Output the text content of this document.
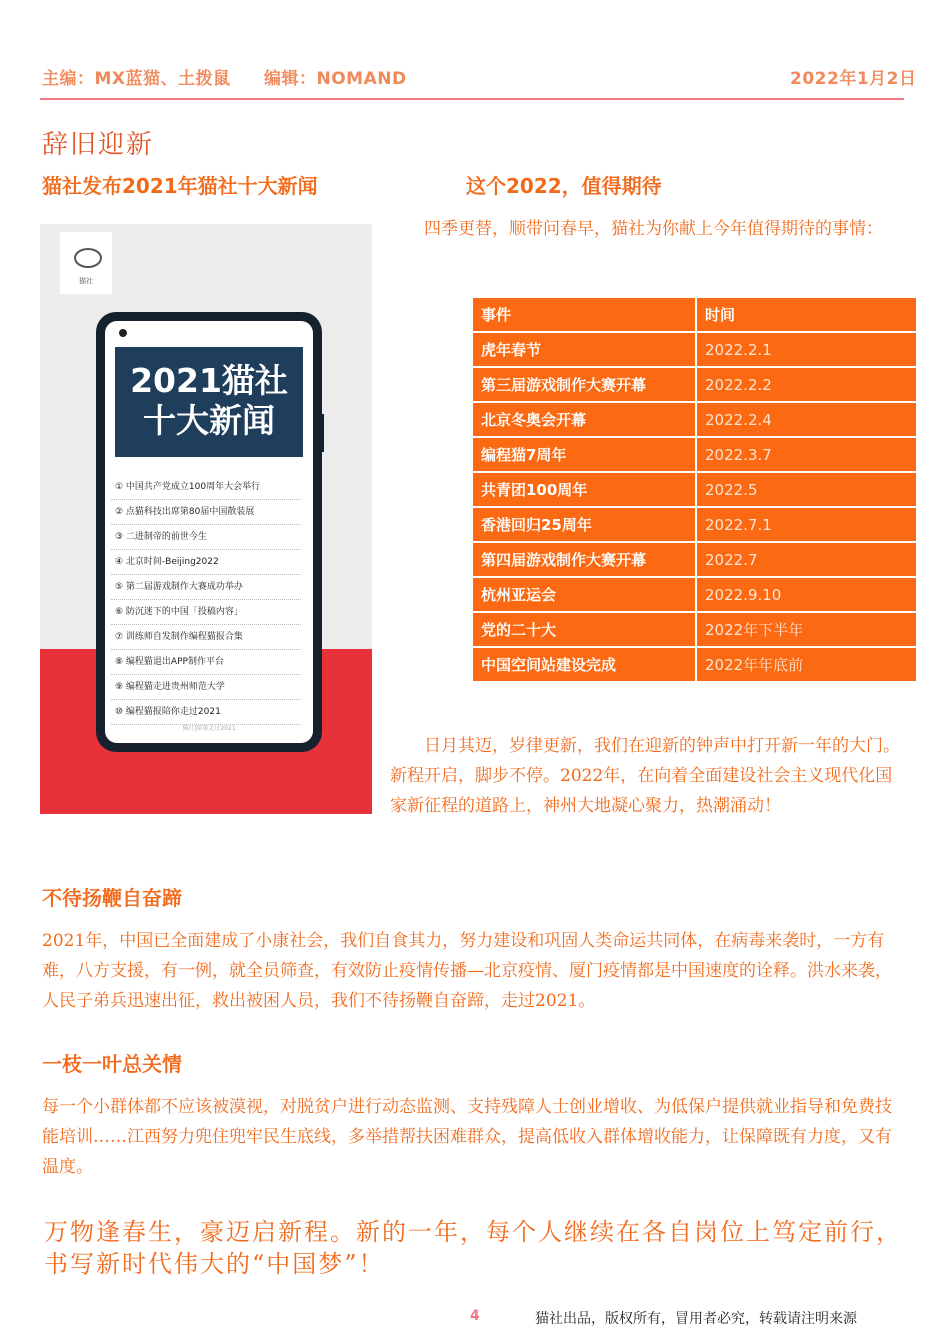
主编：MX蓝猫、土拨鼠 编辑：NOMAND	2022年1月2日
辞旧迎新
猫社发布2021年猫社十大新闻	这个2022，值得期待
猫社
2021猫社
十大新闻
① 中国共产党成立100周年大会举行
② 点猫科技出席第80届中国散装展
③ 二进制帝的前世今生
④ 北京时间-Beijing2022
⑤ 第二届游戏制作大赛成功举办
⑥ 防沉迷下的中国「投稿内容」
⑦ 训练师自发制作编程猫报合集
⑧ 编程猫退出APP制作平台
⑨ 编程猫走进贵州师范大学
⑩ 编程猫报陪你走过2021
猫社|陪着走过2021
四季更替，顺带问春早，猫社为你献上今年值得期待的事情：
事件	时间
虎年春节	2022.2.1
第三届游戏制作大赛开幕	2022.2.2
北京冬奥会开幕	2022.2.4
编程猫7周年	2022.3.7
共青团100周年	2022.5
香港回归25周年	2022.7.1
第四届游戏制作大赛开幕	2022.7
杭州亚运会	2022.9.10
党的二十大	2022年下半年
中国空间站建设完成	2022年年底前
日月其迈，岁律更新，我们在迎新的钟声中打开新一年的大门。新程开启，脚步不停。2022年，在向着全面建设社会主义现代化国家新征程的道路上，神州大地凝心聚力，热潮涌动！
不待扬鞭自奋蹄
2021年，中国已全面建成了小康社会，我们自食其力，努力建设和巩固人类命运共同体，在病毒来袭时，一方有难，八方支援，有一例，就全员筛查，有效防止疫情传播—北京疫情、厦门疫情都是中国速度的诠释。洪水来袭，人民子弟兵迅速出征，救出被困人员，我们不待扬鞭自奋蹄，走过2021。
一枝一叶总关情
每一个小群体都不应该被漠视，对脱贫户进行动态监测、支持残障人士创业增收、为低保户提供就业指导和免费技能培训……江西努力兜住兜牢民生底线，多举措帮扶困难群众，提高低收入群体增收能力，让保障既有力度，又有温度。
万物逢春生，豪迈启新程。新的一年，每个人继续在各自岗位上笃定前行，书写新时代伟大的“中国梦”！
4	猫社出品，版权所有，冒用者必究，转载请注明来源
